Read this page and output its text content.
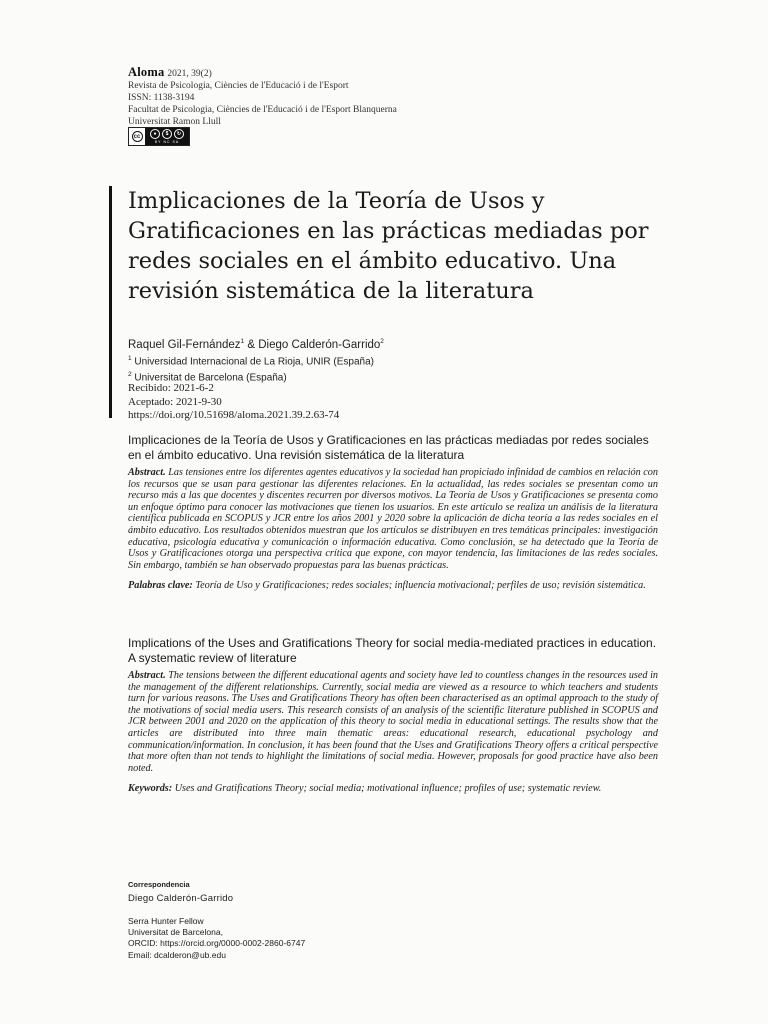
Aloma 2021, 39(2)
Revista de Psicologia, Ciències de l'Educació i de l'Esport
ISSN: 1138-3194
Facultat de Psicologia, Ciències de l'Educació i de l'Esport Blanquerna
Universitat Ramon Llull
cc	●	$	↻
BY NC SA
Implicaciones de la Teoría de Usos y Gratificaciones en las prácticas mediadas por redes sociales en el ámbito educativo. Una revisión sistemática de la literatura
Raquel Gil-Fernández$^1$ & Diego Calderón-Garrido$^2$
$^1$ Universidad Internacional de La Rioja, UNIR (España)
$^2$ Universitat de Barcelona (España)
Recibido: 2021-6-2
Aceptado: 2021-9-30
https://doi.org/10.51698/aloma.2021.39.2.63-74
Implicaciones de la Teoría de Usos y Gratificaciones en las prácticas mediadas por redes sociales en el ámbito educativo. Una revisión sistemática de la literatura
Abstract. Las tensiones entre los diferentes agentes educativos y la sociedad han propiciado infinidad de cambios en relación con los recursos que se usan para gestionar las diferentes relaciones. En la actualidad, las redes sociales se presentan como un recurso más a las que docentes y discentes recurren por diversos motivos. La Teoría de Usos y Gratificaciones se presenta como un enfoque óptimo para conocer las motivaciones que tienen los usuarios. En este artículo se realiza un análisis de la literatura científica publicada en SCOPUS y JCR entre los años 2001 y 2020 sobre la aplicación de dicha teoría a las redes sociales en el ámbito educativo. Los resultados obtenidos muestran que los artículos se distribuyen en tres temáticas principales: investigación educativa, psicología educativa y comunicación o información educativa. Como conclusión, se ha detectado que la Teoría de Usos y Gratificaciones otorga una perspectiva crítica que expone, con mayor tendencia, las limitaciones de las redes sociales. Sin embargo, también se han observado propuestas para las buenas prácticas.
Palabras clave: Teoría de Uso y Gratificaciones; redes sociales; influencia motivacional; perfiles de uso; revisión sistemática.
Implications of the Uses and Gratifications Theory for social media-mediated practices in education. A systematic review of literature
Abstract. The tensions between the different educational agents and society have led to countless changes in the resources used in the management of the different relationships. Currently, social media are viewed as a resource to which teachers and students turn for various reasons. The Uses and Gratifications Theory has often been characterised as an optimal approach to the study of the motivations of social media users. This research consists of an analysis of the scientific literature published in SCOPUS and JCR between 2001 and 2020 on the application of this theory to social media in educational settings. The results show that the articles are distributed into three main thematic areas: educational research, educational psychology and communication/information. In conclusion, it has been found that the Uses and Gratifications Theory offers a critical perspective that more often than not tends to highlight the limitations of social media. However, proposals for good practice have also been noted.
Keywords: Uses and Gratifications Theory; social media; motivational influence; profiles of use; systematic review.
Correspondencia
Diego Calderón-Garrido
Serra Hunter Fellow
Universitat de Barcelona,
ORCID: https://orcid.org/0000-0002-2860-6747
Email: dcalderon@ub.edu
